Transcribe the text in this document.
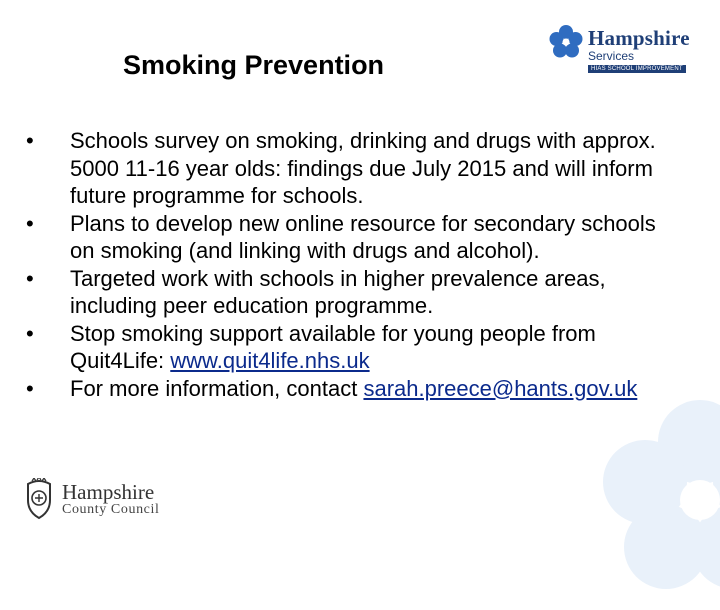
Smoking Prevention
Hampshire
Services
HIAS SCHOOL IMPROVEMENT
• Schools survey on smoking, drinking and drugs with approx. 5000 11-16 year olds: findings due July 2015 and will inform future programme for schools.
• Plans to develop new online resource for secondary schools on smoking (and linking with drugs and alcohol).
• Targeted work with schools in higher prevalence areas, including peer education programme.
• Stop smoking support available for young people from Quit4Life: www.quit4life.nhs.uk
• For more information, contact sarah.preece@hants.gov.uk
Hampshire
County Council
